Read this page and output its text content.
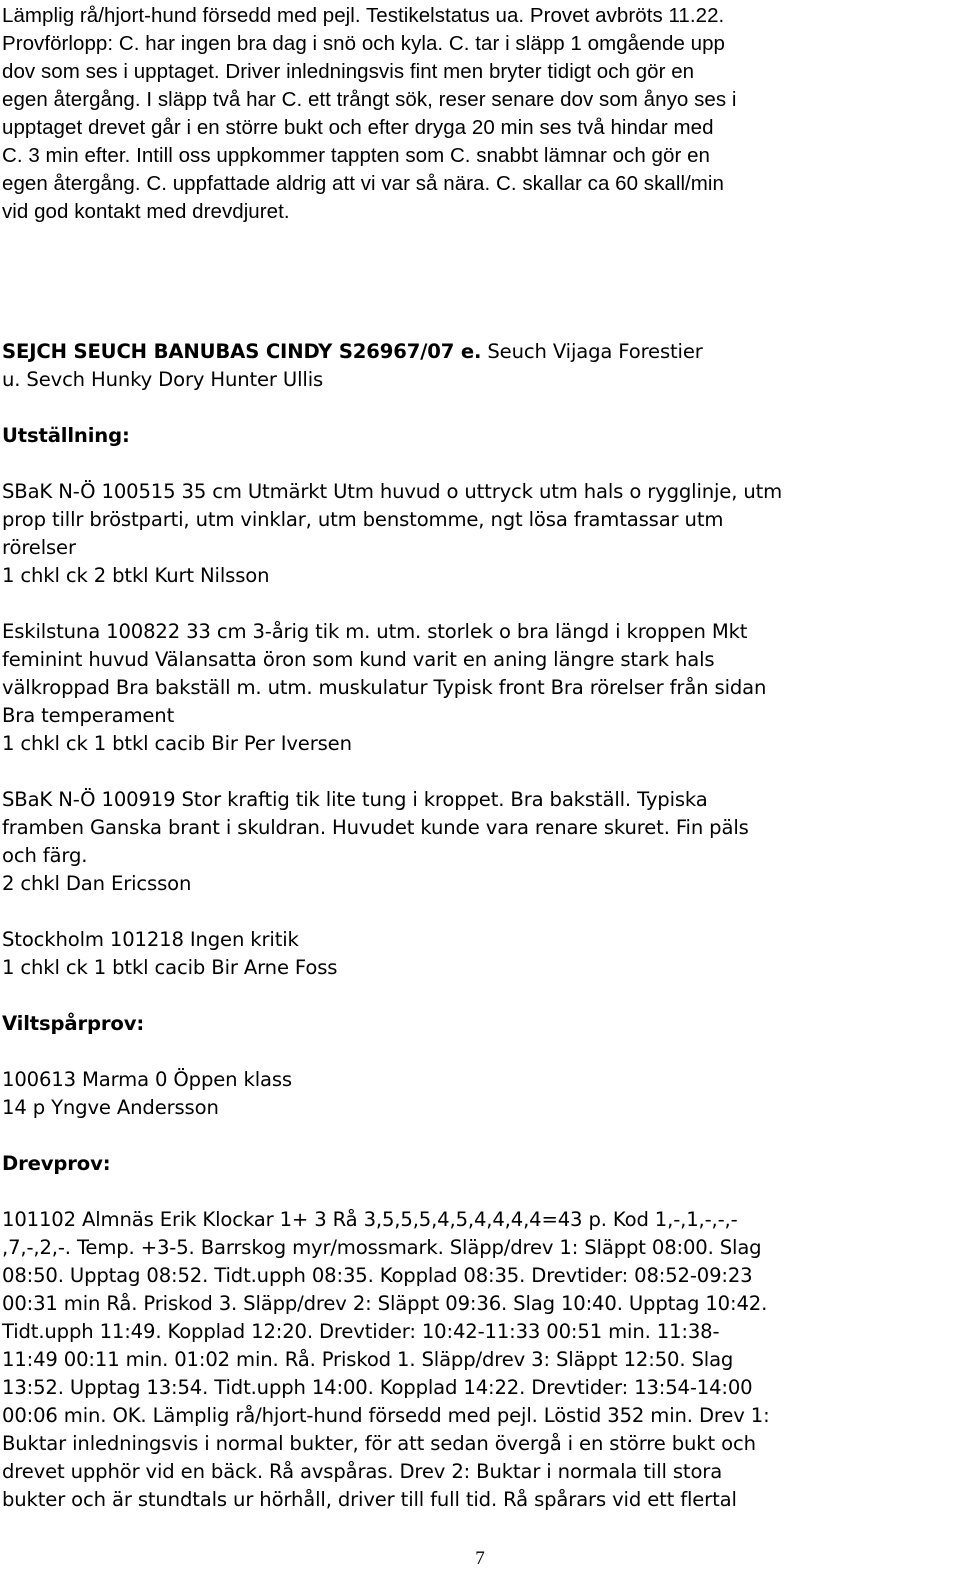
Lämplig rå/hjort-hund försedd med pejl. Testikelstatus ua. Provet avbröts 11.22.
Provförlopp: C. har ingen bra dag i snö och kyla. C. tar i släpp 1 omgående upp
dov som ses i upptaget. Driver inledningsvis fint men bryter tidigt och gör en
egen återgång. I släpp två har C. ett trångt sök, reser senare dov som ånyo ses i
upptaget drevet går i en större bukt och efter dryga 20 min ses två hindar med
C. 3 min efter. Intill oss uppkommer tappten som C. snabbt lämnar och gör en
egen återgång. C. uppfattade aldrig att vi var så nära. C. skallar ca 60 skall/min
vid god kontakt med drevdjuret.
SEJCH SEUCH BANUBAS CINDY S26967/07 e. Seuch Vijaga Forestier
u. Sevch Hunky Dory Hunter Ullis
Utställning:
SBaK N-Ö 100515 35 cm Utmärkt Utm huvud o uttryck utm hals o rygglinje, utm
prop tillr bröstparti, utm vinklar, utm benstomme, ngt lösa framtassar utm
rörelser
1 chkl ck 2 btkl Kurt Nilsson
Eskilstuna 100822 33 cm 3-årig tik m. utm. storlek o bra längd i kroppen Mkt
feminint huvud Välansatta öron som kund varit en aning längre stark hals
välkroppad Bra bakställ m. utm. muskulatur Typisk front Bra rörelser från sidan
Bra temperament
1 chkl ck 1 btkl cacib Bir Per Iversen
SBaK N-Ö 100919 Stor kraftig tik lite tung i kroppet. Bra bakställ. Typiska
framben Ganska brant i skuldran. Huvudet kunde vara renare skuret. Fin päls
och färg.
2 chkl Dan Ericsson
Stockholm 101218 Ingen kritik
1 chkl ck 1 btkl cacib Bir Arne Foss
Viltspårprov:
100613 Marma 0 Öppen klass
14 p Yngve Andersson
Drevprov:
101102 Almnäs Erik Klockar 1+ 3 Rå 3,5,5,5,4,5,4,4,4,4=43 p. Kod 1,-,1,-,-,-
,7,-,2,-. Temp. +3-5. Barrskog myr/mossmark. Släpp/drev 1: Släppt 08:00. Slag
08:50. Upptag 08:52. Tidt.upph 08:35. Kopplad 08:35. Drevtider: 08:52-09:23
00:31 min Rå. Priskod 3. Släpp/drev 2: Släppt 09:36. Slag 10:40. Upptag 10:42.
Tidt.upph 11:49. Kopplad 12:20. Drevtider: 10:42-11:33 00:51 min. 11:38-
11:49 00:11 min. 01:02 min. Rå. Priskod 1. Släpp/drev 3: Släppt 12:50. Slag
13:52. Upptag 13:54. Tidt.upph 14:00. Kopplad 14:22. Drevtider: 13:54-14:00
00:06 min. OK. Lämplig rå/hjort-hund försedd med pejl. Löstid 352 min. Drev 1:
Buktar inledningsvis i normal bukter, för att sedan övergå i en större bukt och
drevet upphör vid en bäck. Rå avspåras. Drev 2: Buktar i normala till stora
bukter och är stundtals ur hörhåll, driver till full tid. Rå spårars vid ett flertal
7
